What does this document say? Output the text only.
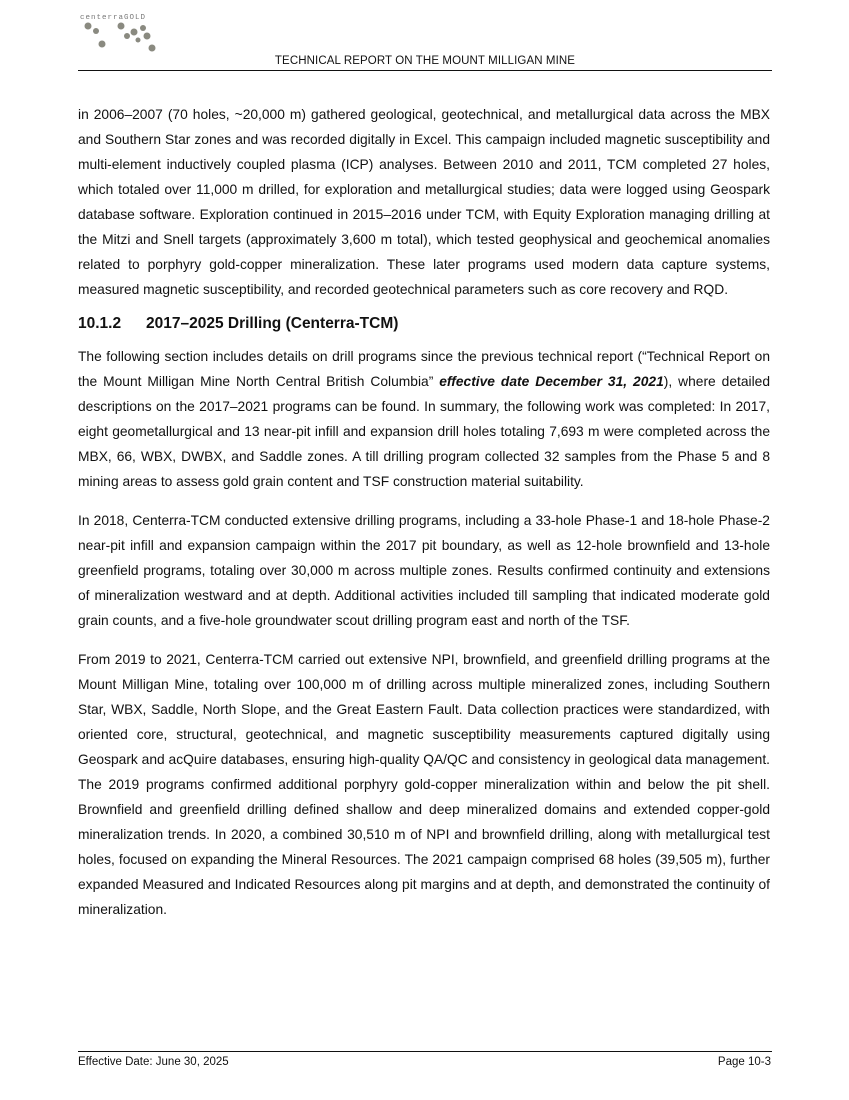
centerraGOLD
TECHNICAL REPORT ON THE MOUNT MILLIGAN MINE

in 2006–2007 (70 holes, ~20,000 m) gathered geological, geotechnical, and metallurgical data across the MBX and Southern Star zones and was recorded digitally in Excel. This campaign included magnetic susceptibility and multi-element inductively coupled plasma (ICP) analyses. Between 2010 and 2011, TCM completed 27 holes, which totaled over 11,000 m drilled, for exploration and metallurgical studies; data were logged using Geospark database software. Exploration continued in 2015–2016 under TCM, with Equity Exploration managing drilling at the Mitzi and Snell targets (approximately 3,600 m total), which tested geophysical and geochemical anomalies related to porphyry gold-copper mineralization. These later programs used modern data capture systems, measured magnetic susceptibility, and recorded geotechnical parameters such as core recovery and RQD.

10.1.2 2017–2025 Drilling (Centerra-TCM)

The following section includes details on drill programs since the previous technical report (“Technical Report on the Mount Milligan Mine North Central British Columbia” effective date December 31, 2021), where detailed descriptions on the 2017–2021 programs can be found. In summary, the following work was completed: In 2017, eight geometallurgical and 13 near-pit infill and expansion drill holes totaling 7,693 m were completed across the MBX, 66, WBX, DWBX, and Saddle zones. A till drilling program collected 32 samples from the Phase 5 and 8 mining areas to assess gold grain content and TSF construction material suitability.

In 2018, Centerra-TCM conducted extensive drilling programs, including a 33-hole Phase-1 and 18-hole Phase-2 near-pit infill and expansion campaign within the 2017 pit boundary, as well as 12-hole brownfield and 13-hole greenfield programs, totaling over 30,000 m across multiple zones. Results confirmed continuity and extensions of mineralization westward and at depth. Additional activities included till sampling that indicated moderate gold grain counts, and a five-hole groundwater scout drilling program east and north of the TSF.

From 2019 to 2021, Centerra-TCM carried out extensive NPI, brownfield, and greenfield drilling programs at the Mount Milligan Mine, totaling over 100,000 m of drilling across multiple mineralized zones, including Southern Star, WBX, Saddle, North Slope, and the Great Eastern Fault. Data collection practices were standardized, with oriented core, structural, geotechnical, and magnetic susceptibility measurements captured digitally using Geospark and acQuire databases, ensuring high-quality QA/QC and consistency in geological data management. The 2019 programs confirmed additional porphyry gold-copper mineralization within and below the pit shell. Brownfield and greenfield drilling defined shallow and deep mineralized domains and extended copper-gold mineralization trends. In 2020, a combined 30,510 m of NPI and brownfield drilling, along with metallurgical test holes, focused on expanding the Mineral Resources. The 2021 campaign comprised 68 holes (39,505 m), further expanded Measured and Indicated Resources along pit margins and at depth, and demonstrated the continuity of mineralization.

Effective Date: June 30, 2025	Page 10-3
